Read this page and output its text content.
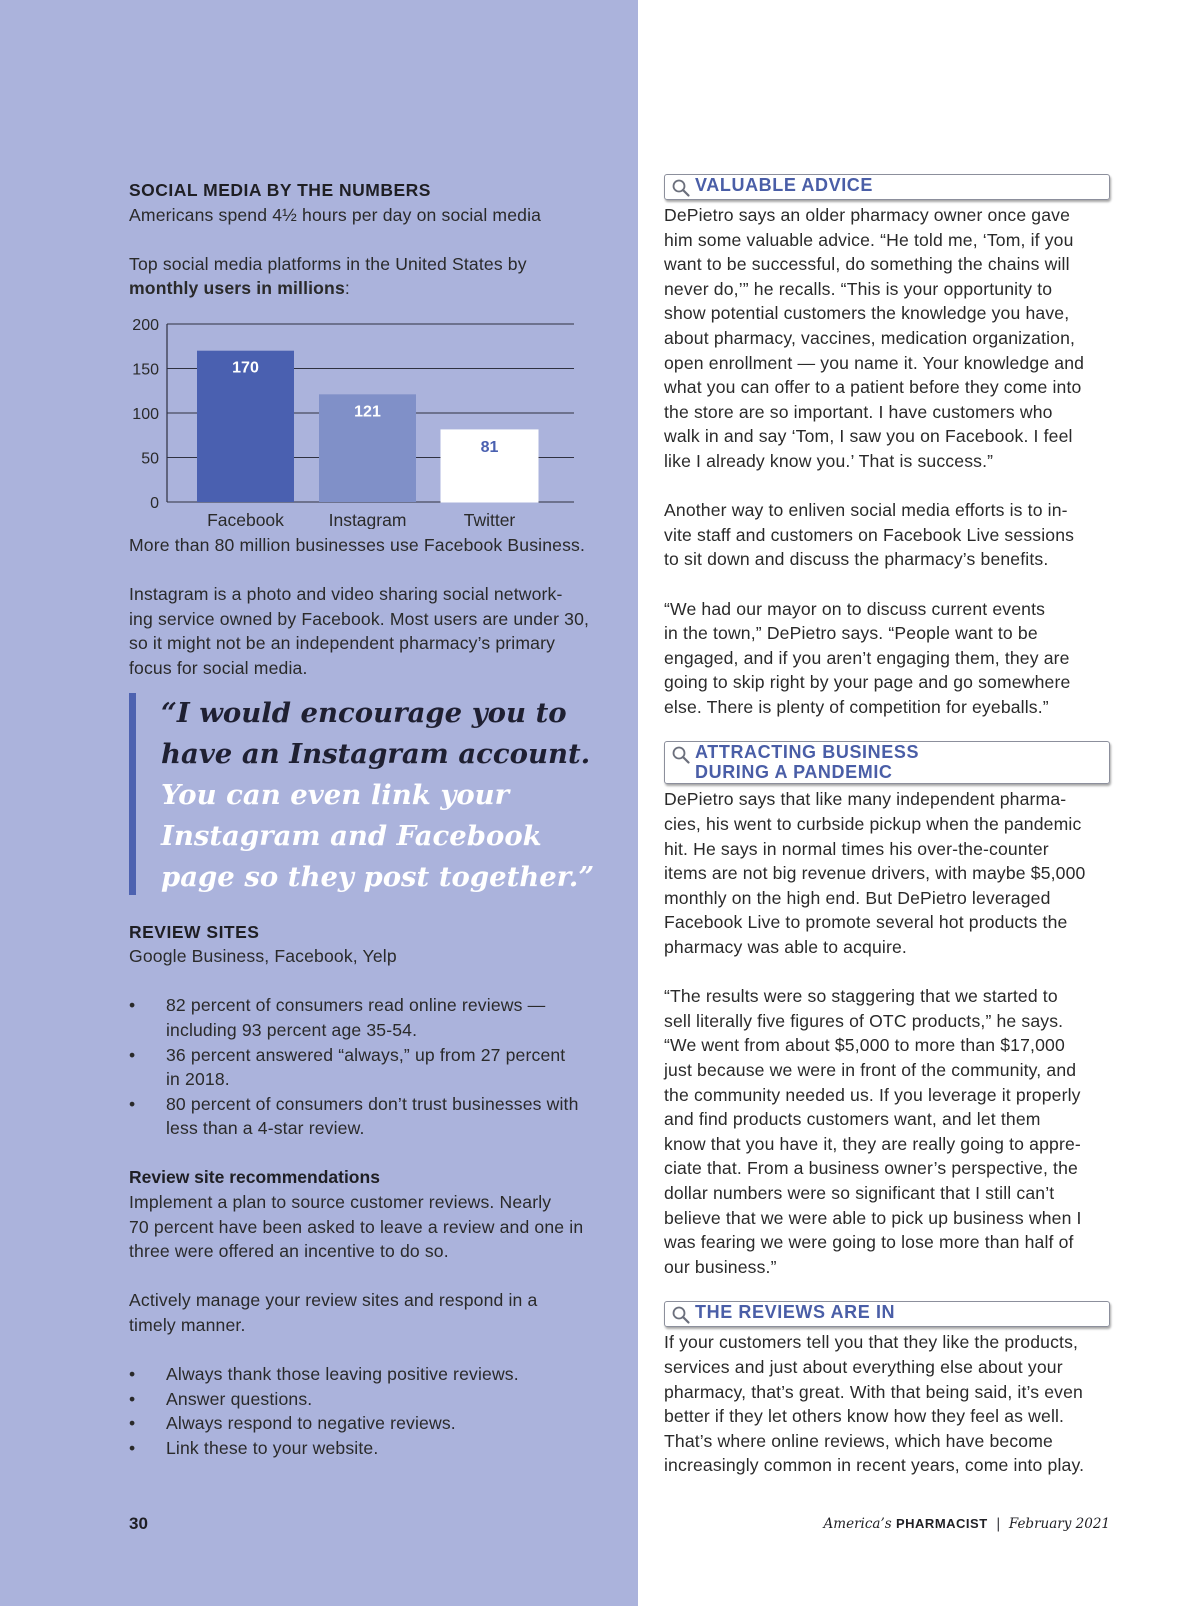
SOCIAL MEDIA BY THE NUMBERS

Americans spend 4½ hours per day on social media

Top social media platforms in the United States by
monthly users in millions:

0
50
100
150
200
170
Facebook
121
Instagram
81
Twitter

More than 80 million businesses use Facebook Business.

Instagram is a photo and video sharing social network-
ing service owned by Facebook. Most users are under 30,
so it might not be an independent pharmacy’s primary
focus for social media.

“I would encourage you to
have an Instagram account.
You can even link your
Instagram and Facebook
page so they post together.”

REVIEW SITES

Google Business, Facebook, Yelp

• 82 percent of consumers read online reviews —
including 93 percent age 35-54.
• 36 percent answered “always,” up from 27 percent
in 2018.
• 80 percent of consumers don’t trust businesses with
less than a 4-star review.

Review site recommendations

Implement a plan to source customer reviews. Nearly
70 percent have been asked to leave a review and one in
three were offered an incentive to do so.

Actively manage your review sites and respond in a
timely manner.

• Always thank those leaving positive reviews.
• Answer questions.
• Always respond to negative reviews.
• Link these to your website.
VALUABLE ADVICE

DePietro says an older pharmacy owner once gave
him some valuable advice. “He told me, ‘Tom, if you
want to be successful, do something the chains will
never do,’” he recalls. “This is your opportunity to
show potential customers the knowledge you have,
about pharmacy, vaccines, medication organization,
open enrollment — you name it. Your knowledge and
what you can offer to a patient before they come into
the store are so important. I have customers who
walk in and say ‘Tom, I saw you on Facebook. I feel
like I already know you.’ That is success.”

Another way to enliven social media efforts is to in-
vite staff and customers on Facebook Live sessions
to sit down and discuss the pharmacy’s benefits.

“We had our mayor on to discuss current events
in the town,” DePietro says. “People want to be
engaged, and if you aren’t engaging them, they are
going to skip right by your page and go somewhere
else. There is plenty of competition for eyeballs.”

ATTRACTING BUSINESS
DURING A PANDEMIC

DePietro says that like many independent pharma-
cies, his went to curbside pickup when the pandemic
hit. He says in normal times his over-the-counter
items are not big revenue drivers, with maybe $5,000
monthly on the high end. But DePietro leveraged
Facebook Live to promote several hot products the
pharmacy was able to acquire.

“The results were so staggering that we started to
sell literally five figures of OTC products,” he says.
“We went from about $5,000 to more than $17,000
just because we were in front of the community, and
the community needed us. If you leverage it properly
and find products customers want, and let them
know that you have it, they are really going to appre-
ciate that. From a business owner’s perspective, the
dollar numbers were so significant that I still can’t
believe that we were able to pick up business when I
was fearing we were going to lose more than half of
our business.”

THE REVIEWS ARE IN

If your customers tell you that they like the products,
services and just about everything else about your
pharmacy, that’s great. With that being said, it’s even
better if they let others know how they feel as well.
That’s where online reviews, which have become
increasingly common in recent years, come into play.

30	America’s PHARMACIST | February 2021
